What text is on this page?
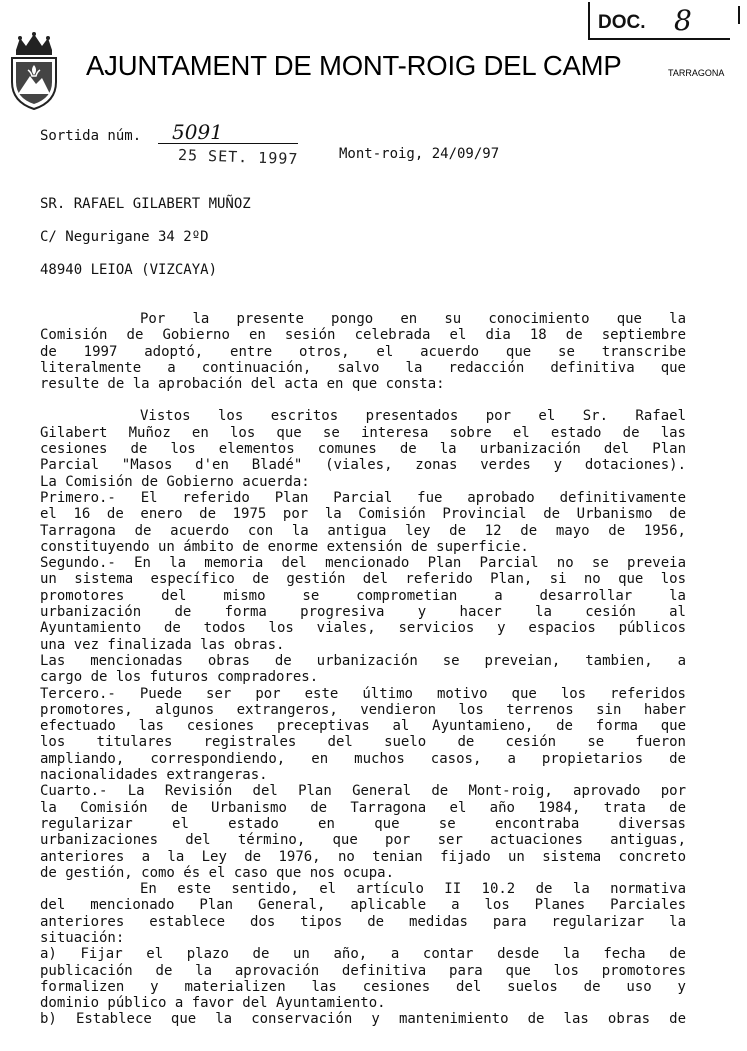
DOC. 8
AJUNTAMENT DE MONT-ROIG DEL CAMP	TARRAGONA
Sortida núm. 5091
25 SET. 1997	Mont-roig, 24/09/97
SR. RAFAEL GILABERT MUÑOZ
C/ Negurigane 34 2ºD
48940 LEIOA (VIZCAYA)

Por la presente pongo en su conocimiento que la

Comisión de Gobierno en sesión celebrada el dia 18 de septiembre

de 1997 adoptó, entre otros, el acuerdo que se transcribe

literalmente a continuación, salvo la redacción definitiva que

resulte de la aprobación del acta en que consta:

Vistos los escritos presentados por el Sr. Rafael

Gilabert Muñoz en los que se interesa sobre el estado de las

cesiones de los elementos comunes de la urbanización del Plan

Parcial "Masos d'en Bladé" (viales, zonas verdes y dotaciones).

La Comisión de Gobierno acuerda:

Primero.- El referido Plan Parcial fue aprobado definitivamente

el 16 de enero de 1975 por la Comisión Provincial de Urbanismo de

Tarragona de acuerdo con la antigua ley de 12 de mayo de 1956,

constituyendo un ámbito de enorme extensión de superficie.

Segundo.- En la memoria del mencionado Plan Parcial no se preveia

un sistema específico de gestión del referido Plan, si no que los

promotores del mismo se comprometian a desarrollar la

urbanización de forma progresiva y hacer la cesión al

Ayuntamiento de todos los viales, servicios y espacios públicos

una vez finalizada las obras.

Las mencionadas obras de urbanización se preveian, tambien, a

cargo de los futuros compradores.

Tercero.- Puede ser por este último motivo que los referidos

promotores, algunos extrangeros, vendieron los terrenos sin haber

efectuado las cesiones preceptivas al Ayuntamieno, de forma que

los titulares registrales del suelo de cesión se fueron

ampliando, correspondiendo, en muchos casos, a propietarios de

nacionalidades extrangeras.

Cuarto.- La Revisión del Plan General de Mont-roig, aprovado por

la Comisión de Urbanismo de Tarragona el año 1984, trata de

regularizar el estado en que se encontraba diversas

urbanizaciones del término, que por ser actuaciones antiguas,

anteriores a la Ley de 1976, no tenian fijado un sistema concreto

de gestión, como és el caso que nos ocupa.

En este sentido, el artículo II 10.2 de la normativa

del mencionado Plan General, aplicable a los Planes Parciales

anteriores establece dos tipos de medidas para regularizar la

situación:

a) Fijar el plazo de un año, a contar desde la fecha de

publicación de la aprovación definitiva para que los promotores

formalizen y materializen las cesiones del suelos de uso y

dominio público a favor del Ayuntamiento.

b) Establece que la conservación y mantenimiento de las obras de
